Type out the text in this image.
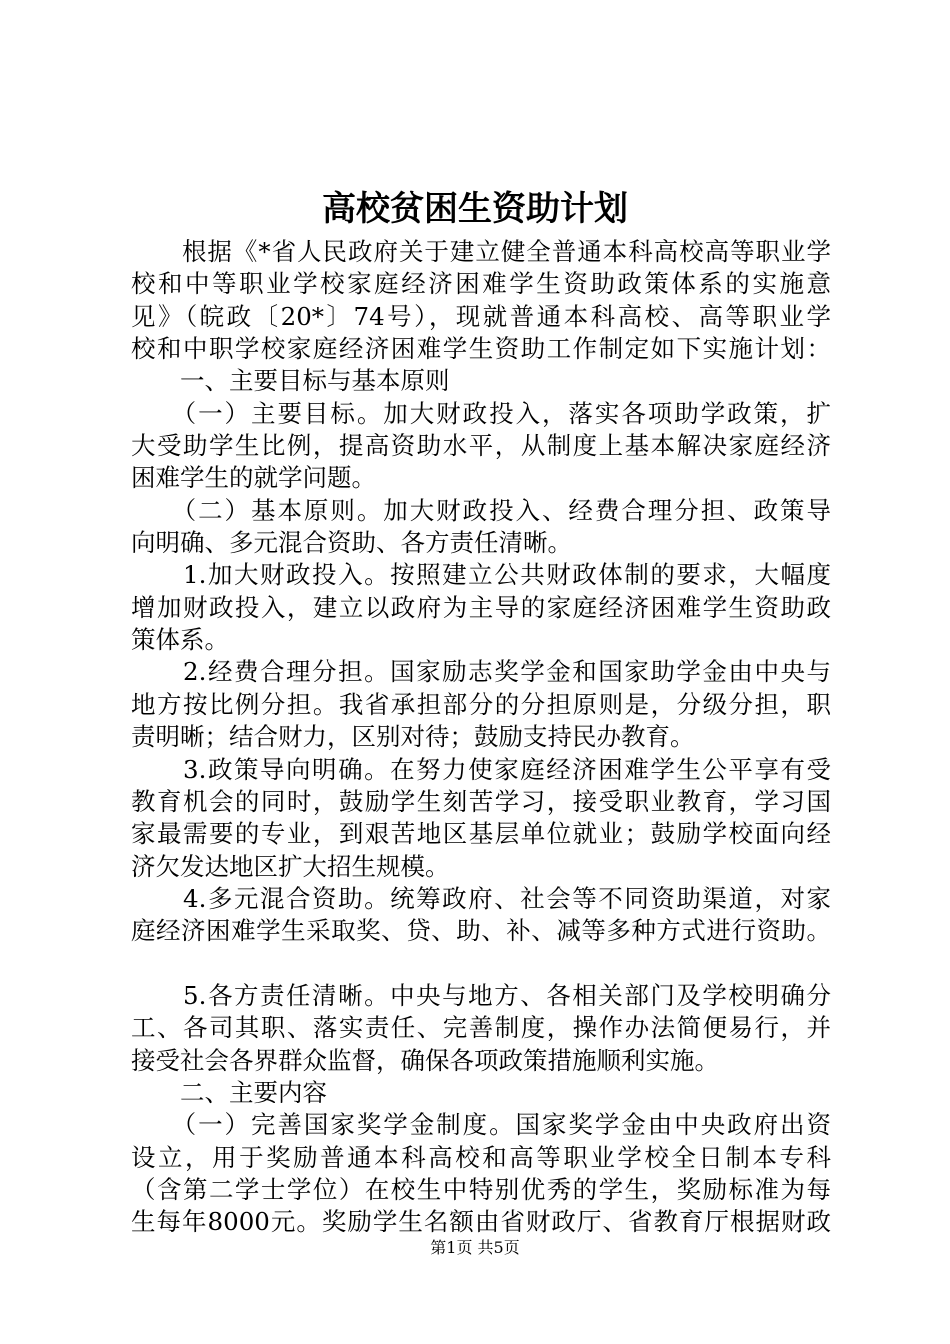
高校贫困生资助计划
　　根据《*省人民政府关于建立健全普通本科高校高等职业学
校和中等职业学校家庭经济困难学生资助政策体系的实施意
见》（皖政〔20*〕74号），现就普通本科高校、高等职业学
校和中职学校家庭经济困难学生资助工作制定如下实施计划：
　　一、主要目标与基本原则
　　（一）主要目标。加大财政投入，落实各项助学政策，扩
大受助学生比例，提高资助水平，从制度上基本解决家庭经济
困难学生的就学问题。
　　（二）基本原则。加大财政投入、经费合理分担、政策导
向明确、多元混合资助、各方责任清晰。
　　1.加大财政投入。按照建立公共财政体制的要求，大幅度
增加财政投入，建立以政府为主导的家庭经济困难学生资助政
策体系。
　　2.经费合理分担。国家励志奖学金和国家助学金由中央与
地方按比例分担。我省承担部分的分担原则是，分级分担，职
责明晰；结合财力，区别对待；鼓励支持民办教育。
　　3.政策导向明确。在努力使家庭经济困难学生公平享有受
教育机会的同时，鼓励学生刻苦学习，接受职业教育，学习国
家最需要的专业，到艰苦地区基层单位就业；鼓励学校面向经
济欠发达地区扩大招生规模。
　　4.多元混合资助。统筹政府、社会等不同资助渠道，对家
庭经济困难学生采取奖、贷、助、补、减等多种方式进行资助。
　　5.各方责任清晰。中央与地方、各相关部门及学校明确分
工、各司其职、落实责任、完善制度，操作办法简便易行，并
接受社会各界群众监督，确保各项政策措施顺利实施。
　　二、主要内容
　　（一）完善国家奖学金制度。国家奖学金由中央政府出资
设立，用于奖励普通本科高校和高等职业学校全日制本专科
（含第二学士学位）在校生中特别优秀的学生，奖励标准为每
生每年8000元。奖励学生名额由省财政厅、省教育厅根据财政
第1页 共5页
